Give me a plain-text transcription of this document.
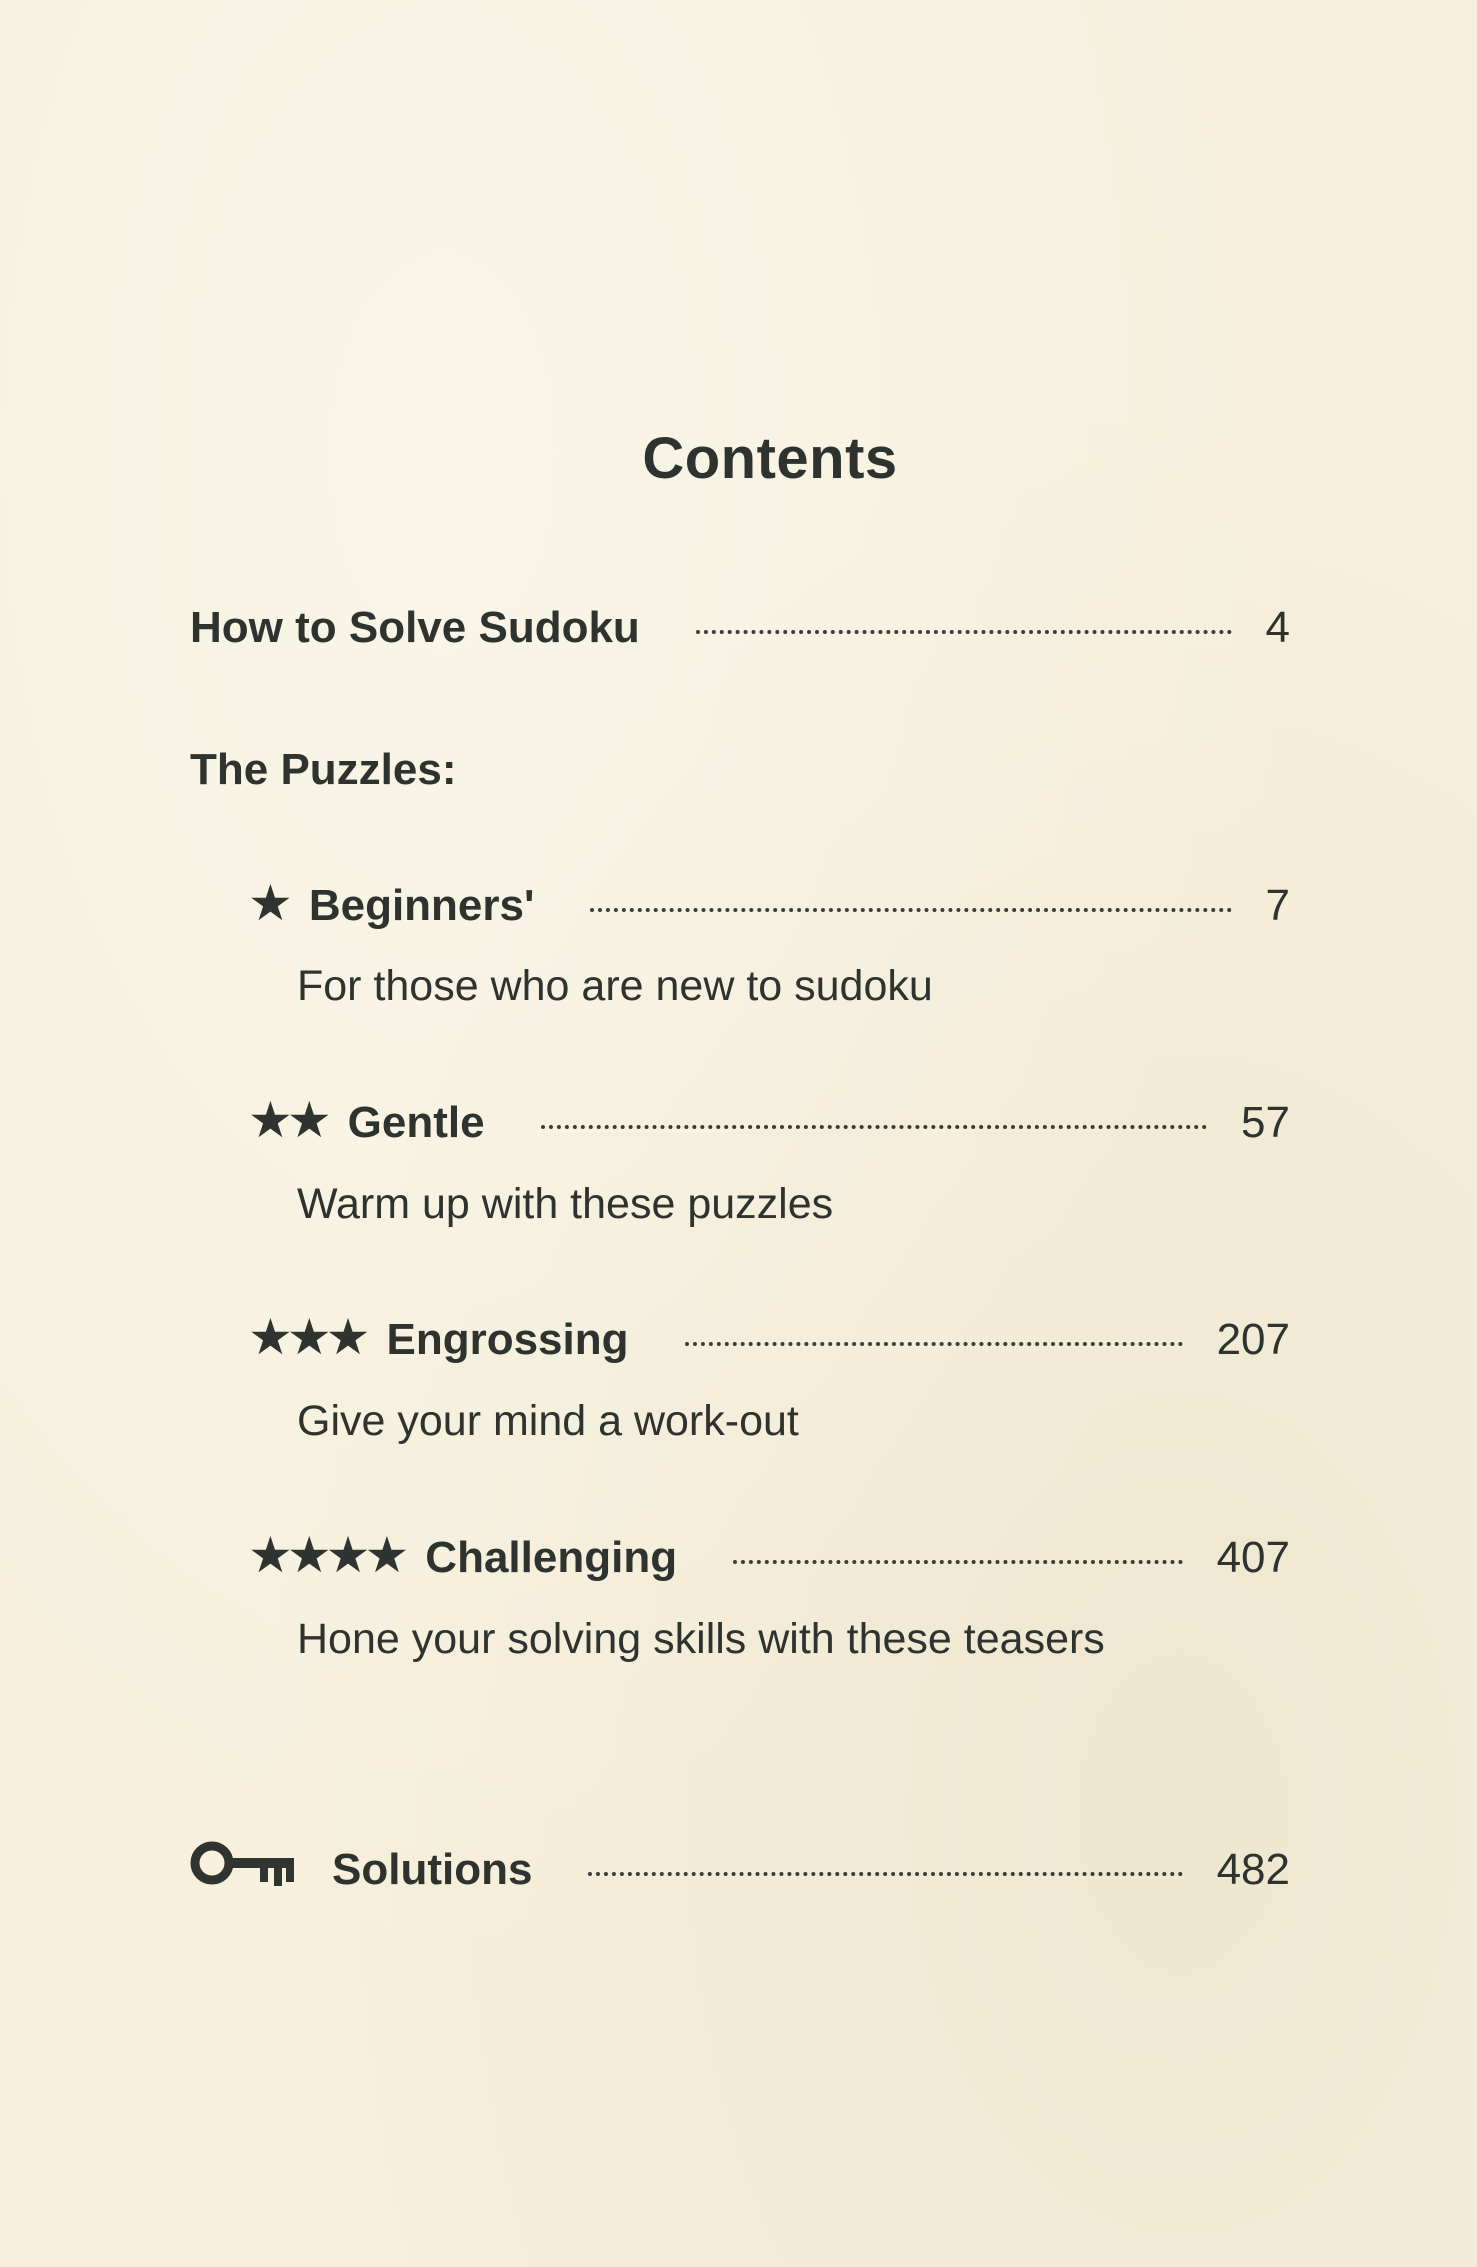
Contents
How to Solve Sudoku	4
The Puzzles:
★ Beginners'	7
For those who are new to sudoku
★★ Gentle	57
Warm up with these puzzles
★★★ Engrossing	207
Give your mind a work-out
★★★★ Challenging	407
Hone your solving skills with these teasers
Solutions	482
